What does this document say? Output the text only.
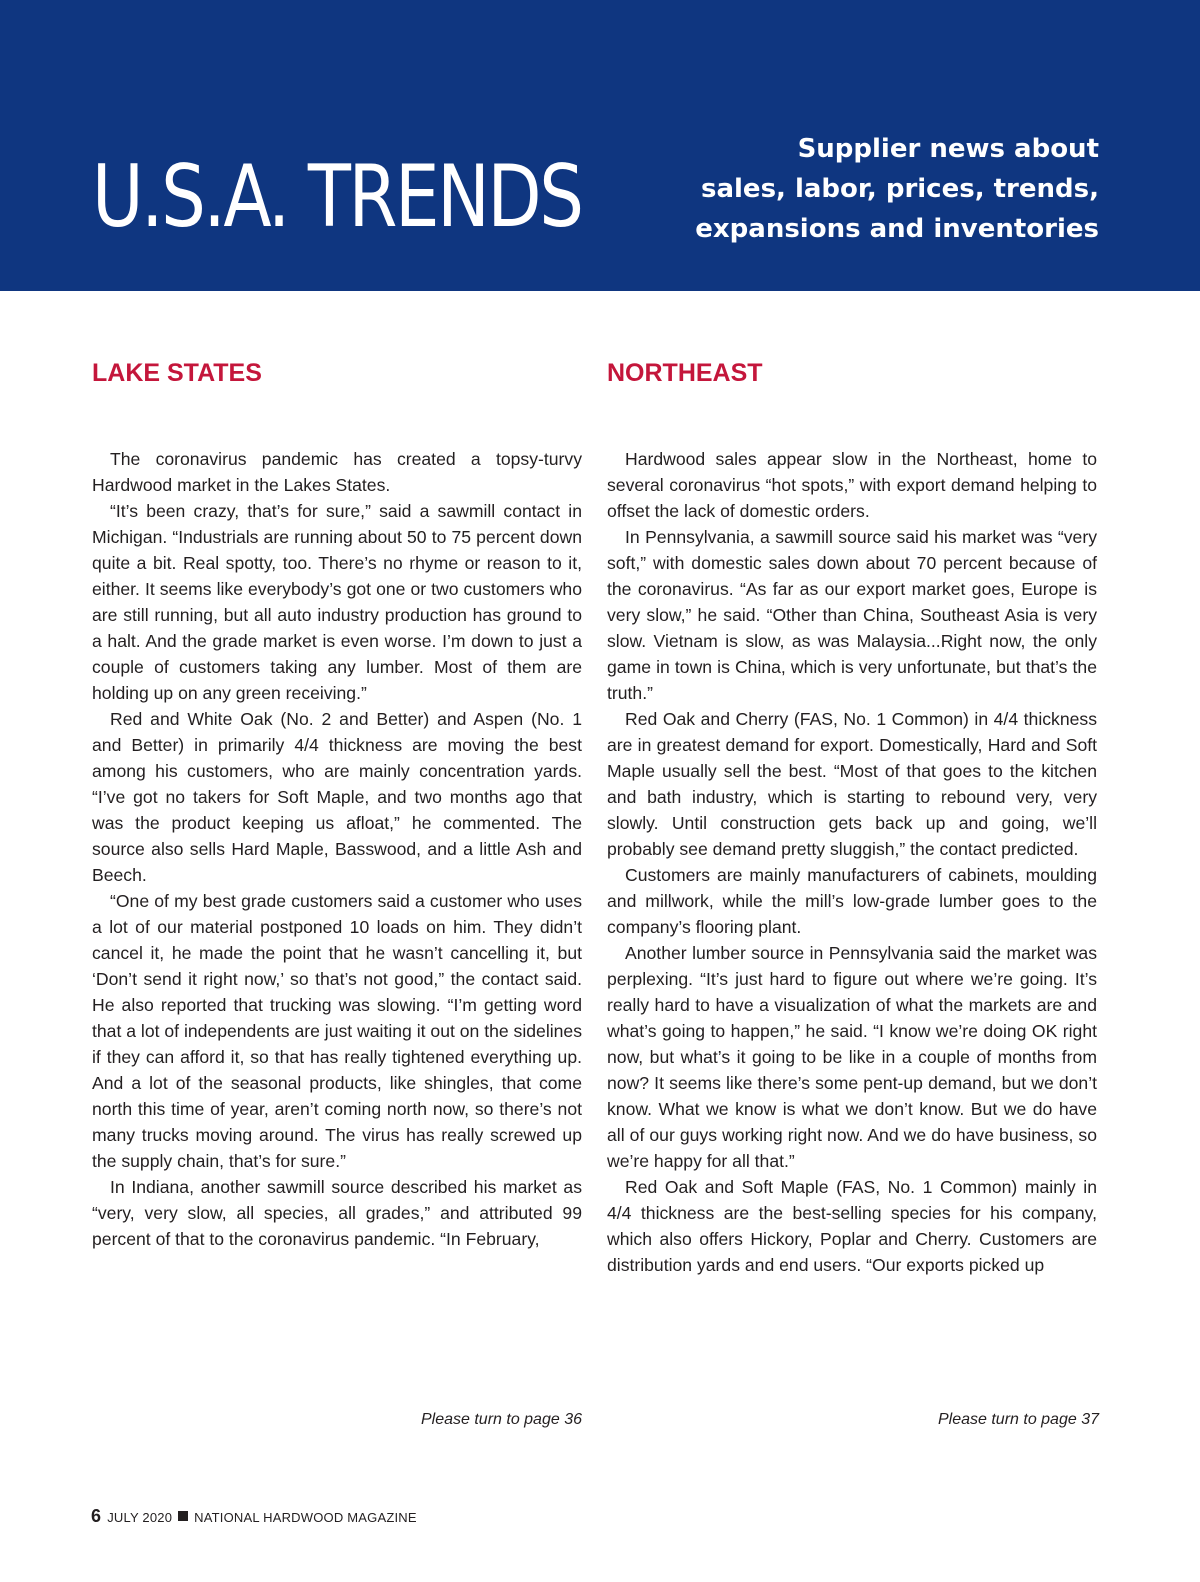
U.S.A. TRENDS	Supplier news about
sales, labor, prices, trends,
expansions and inventories
LAKE STATES	NORTHEAST

The coronavirus pandemic has created a topsy-turvy Hardwood market in the Lakes States.

“It’s been crazy, that’s for sure,” said a sawmill contact in Michigan. “Industrials are running about 50 to 75 percent down quite a bit. Real spotty, too. There’s no rhyme or reason to it, either. It seems like everybody’s got one or two customers who are still running, but all auto industry production has ground to a halt. And the grade market is even worse. I’m down to just a couple of customers taking any lumber. Most of them are holding up on any green receiving.”

Red and White Oak (No. 2 and Better) and Aspen (No. 1 and Better) in primarily 4/4 thickness are moving the best among his customers, who are mainly concentration yards. “I’ve got no takers for Soft Maple, and two months ago that was the product keeping us afloat,” he commented. The source also sells Hard Maple, Basswood, and a little Ash and Beech.

“One of my best grade customers said a customer who uses a lot of our material postponed 10 loads on him. They didn’t cancel it, he made the point that he wasn’t cancelling it, but ‘Don’t send it right now,’ so that’s not good,” the contact said. He also reported that trucking was slowing. “I’m getting word that a lot of independents are just waiting it out on the sidelines if they can afford it, so that has really tightened everything up. And a lot of the seasonal products, like shingles, that come north this time of year, aren’t coming north now, so there’s not many trucks moving around. The virus has really screwed up the supply chain, that’s for sure.”

In Indiana, another sawmill source described his market as “very, very slow, all species, all grades,” and attributed 99 percent of that to the coronavirus pandemic. “In February,

Hardwood sales appear slow in the Northeast, home to several coronavirus “hot spots,” with export demand helping to offset the lack of domestic orders.

In Pennsylvania, a sawmill source said his market was “very soft,” with domestic sales down about 70 percent because of the coronavirus. “As far as our export market goes, Europe is very slow,” he said. “Other than China, Southeast Asia is very slow. Vietnam is slow, as was Malaysia...Right now, the only game in town is China, which is very unfortunate, but that’s the truth.”

Red Oak and Cherry (FAS, No. 1 Common) in 4/4 thickness are in greatest demand for export. Domestically, Hard and Soft Maple usually sell the best. “Most of that goes to the kitchen and bath industry, which is starting to rebound very, very slowly. Until construction gets back up and going, we’ll probably see demand pretty sluggish,” the contact predicted.

Customers are mainly manufacturers of cabinets, moulding and millwork, while the mill’s low-grade lumber goes to the company’s flooring plant.

Another lumber source in Pennsylvania said the market was perplexing. “It’s just hard to figure out where we’re going. It’s really hard to have a visualization of what the markets are and what’s going to happen,” he said. “I know we’re doing OK right now, but what’s it going to be like in a couple of months from now? It seems like there’s some pent-up demand, but we don’t know. What we know is what we don’t know. But we do have all of our guys working right now. And we do have business, so we’re happy for all that.”

Red Oak and Soft Maple (FAS, No. 1 Common) mainly in 4/4 thickness are the best-selling species for his company, which also offers Hickory, Poplar and Cherry. Customers are distribution yards and end users. “Our exports picked up

Please turn to page 36	Please turn to page 37
6 JULY 2020 NATIONAL HARDWOOD MAGAZINE
